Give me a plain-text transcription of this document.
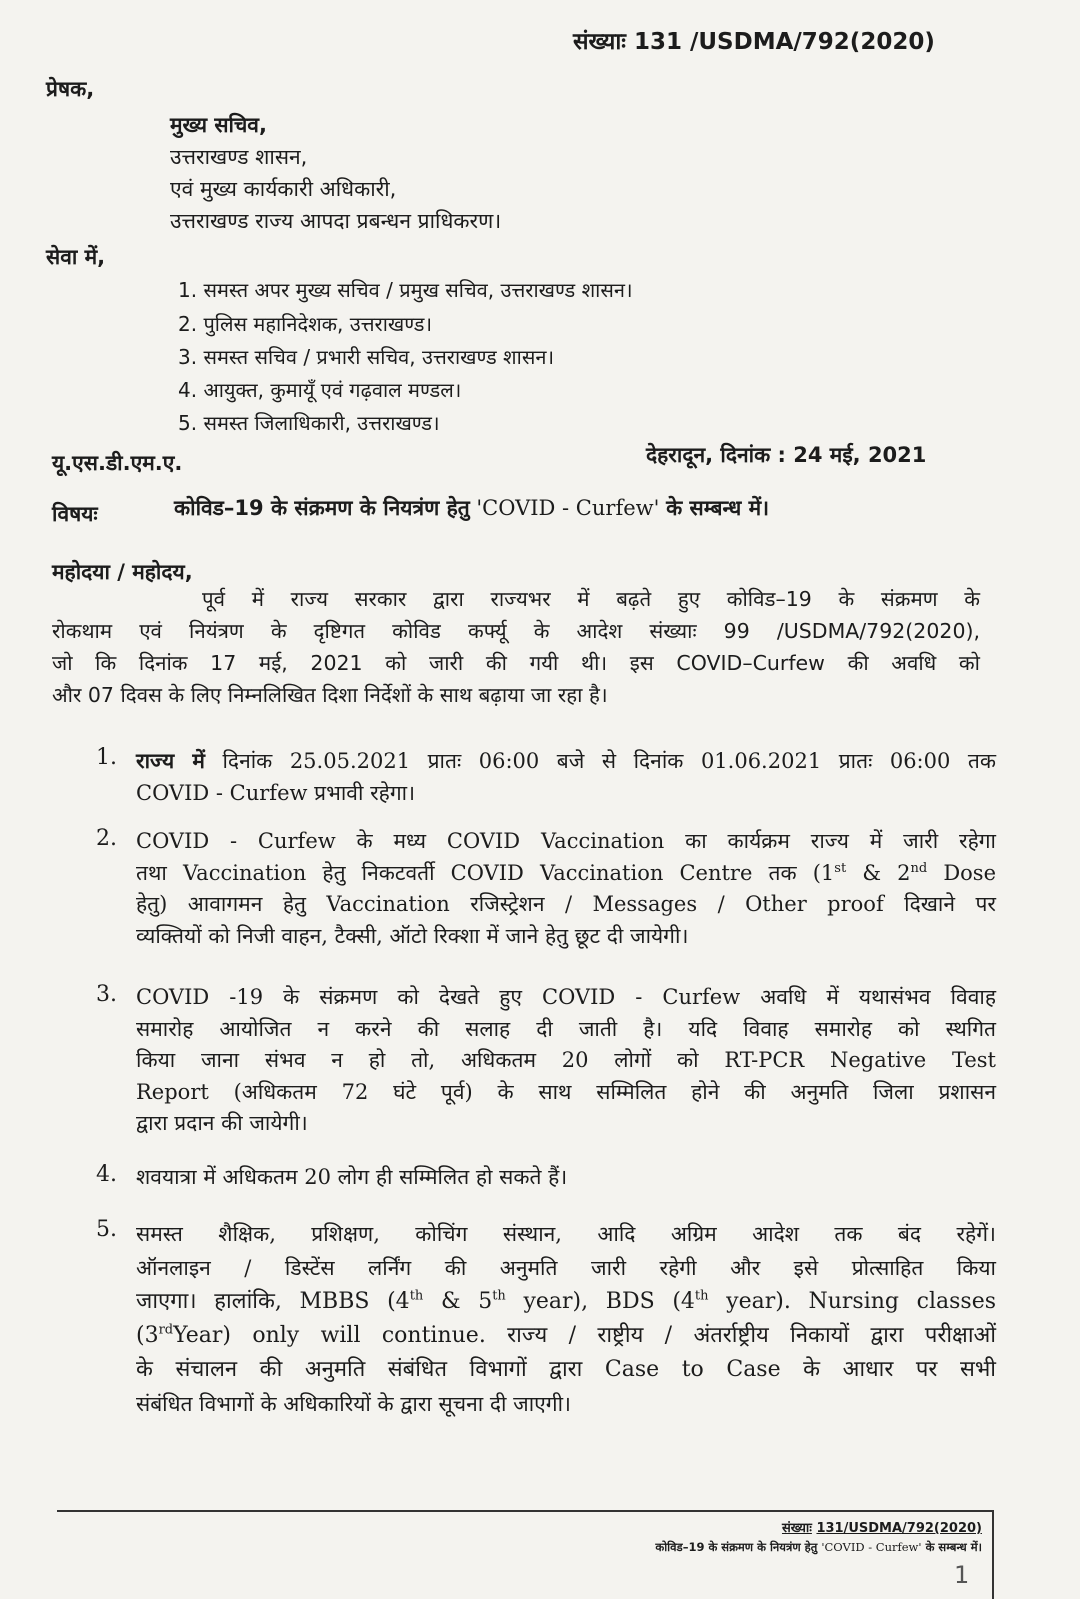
संख्याः 131 /USDMA/792(2020)
प्रेषक,
मुख्य सचिव,
उत्तराखण्ड शासन,
एवं मुख्य कार्यकारी अधिकारी,
उत्तराखण्ड राज्य आपदा प्रबन्धन प्राधिकरण।
सेवा में,
1. समस्त अपर मुख्य सचिव / प्रमुख सचिव, उत्तराखण्ड शासन।
2. पुलिस महानिदेशक, उत्तराखण्ड।
3. समस्त सचिव / प्रभारी सचिव, उत्तराखण्ड शासन।
4. आयुक्त, कुमायूँ एवं गढ़वाल मण्डल।
5. समस्त जिलाधिकारी, उत्तराखण्ड।
यू.एस.डी.एम.ए.	देहरादून, दिनांक : 24 मई, 2021
विषयः	कोविड–19 के संक्रमण के नियत्रंण हेतु 'COVID - Curfew' के सम्बन्ध में।
महोदया / महोदय,
पूर्व में राज्य सरकार द्वारा राज्यभर में बढ़ते हुए कोविड–19 के संक्रमण के
रोकथाम एवं नियंत्रण के दृष्टिगत कोविड कर्फ्यू के आदेश संख्याः 99 /USDMA/792(2020),
जो कि दिनांक 17 मई, 2021 को जारी की गयी थी। इस COVID–Curfew की अवधि को
और 07 दिवस के लिए निम्नलिखित दिशा निर्देशों के साथ बढ़ाया जा रहा है।
1. राज्य में दिनांक 25.05.2021 प्रातः 06:00 बजे से दिनांक 01.06.2021 प्रातः 06:00 तक
COVID - Curfew प्रभावी रहेगा।
2. COVID - Curfew के मध्य COVID Vaccination का कार्यक्रम राज्य में जारी रहेगा
तथा Vaccination हेतु निकटवर्ती COVID Vaccination Centre तक (1st & 2nd Dose
हेतु) आवागमन हेतु Vaccination रजिस्ट्रेशन / Messages / Other proof दिखाने पर
व्यक्तियों को निजी वाहन, टैक्सी, ऑटो रिक्शा में जाने हेतु छूट दी जायेगी।
3. COVID -19 के संक्रमण को देखते हुए COVID - Curfew अवधि में यथासंभव विवाह
समारोह आयोजित न करने की सलाह दी जाती है। यदि विवाह समारोह को स्थगित
किया जाना संभव न हो तो, अधिकतम 20 लोगों को RT-PCR Negative Test
Report (अधिकतम 72 घंटे पूर्व) के साथ सम्मिलित होने की अनुमति जिला प्रशासन
द्वारा प्रदान की जायेगी।
4. शवयात्रा में अधिकतम 20 लोग ही सम्मिलित हो सकते हैं।
5. समस्त शैक्षिक, प्रशिक्षण, कोचिंग संस्थान, आदि अग्रिम आदेश तक बंद रहेगें।
ऑनलाइन / डिस्टेंस लर्निंग की अनुमति जारी रहेगी और इसे प्रोत्साहित किया
जाएगा। हालांकि, MBBS (4th & 5th year), BDS (4th year). Nursing classes
(3rdYear) only will continue. राज्य / राष्ट्रीय / अंतर्राष्ट्रीय निकायों द्वारा परीक्षाओं
के संचालन की अनुमति संबंधित विभागों द्वारा Case to Case के आधार पर सभी
संबंधित विभागों के अधिकारियों के द्वारा सूचना दी जाएगी।
संख्याः 131/USDMA/792(2020)
कोविड–19 के संक्रमण के नियत्रंण हेतु 'COVID - Curfew' के सम्बन्ध में।
1
